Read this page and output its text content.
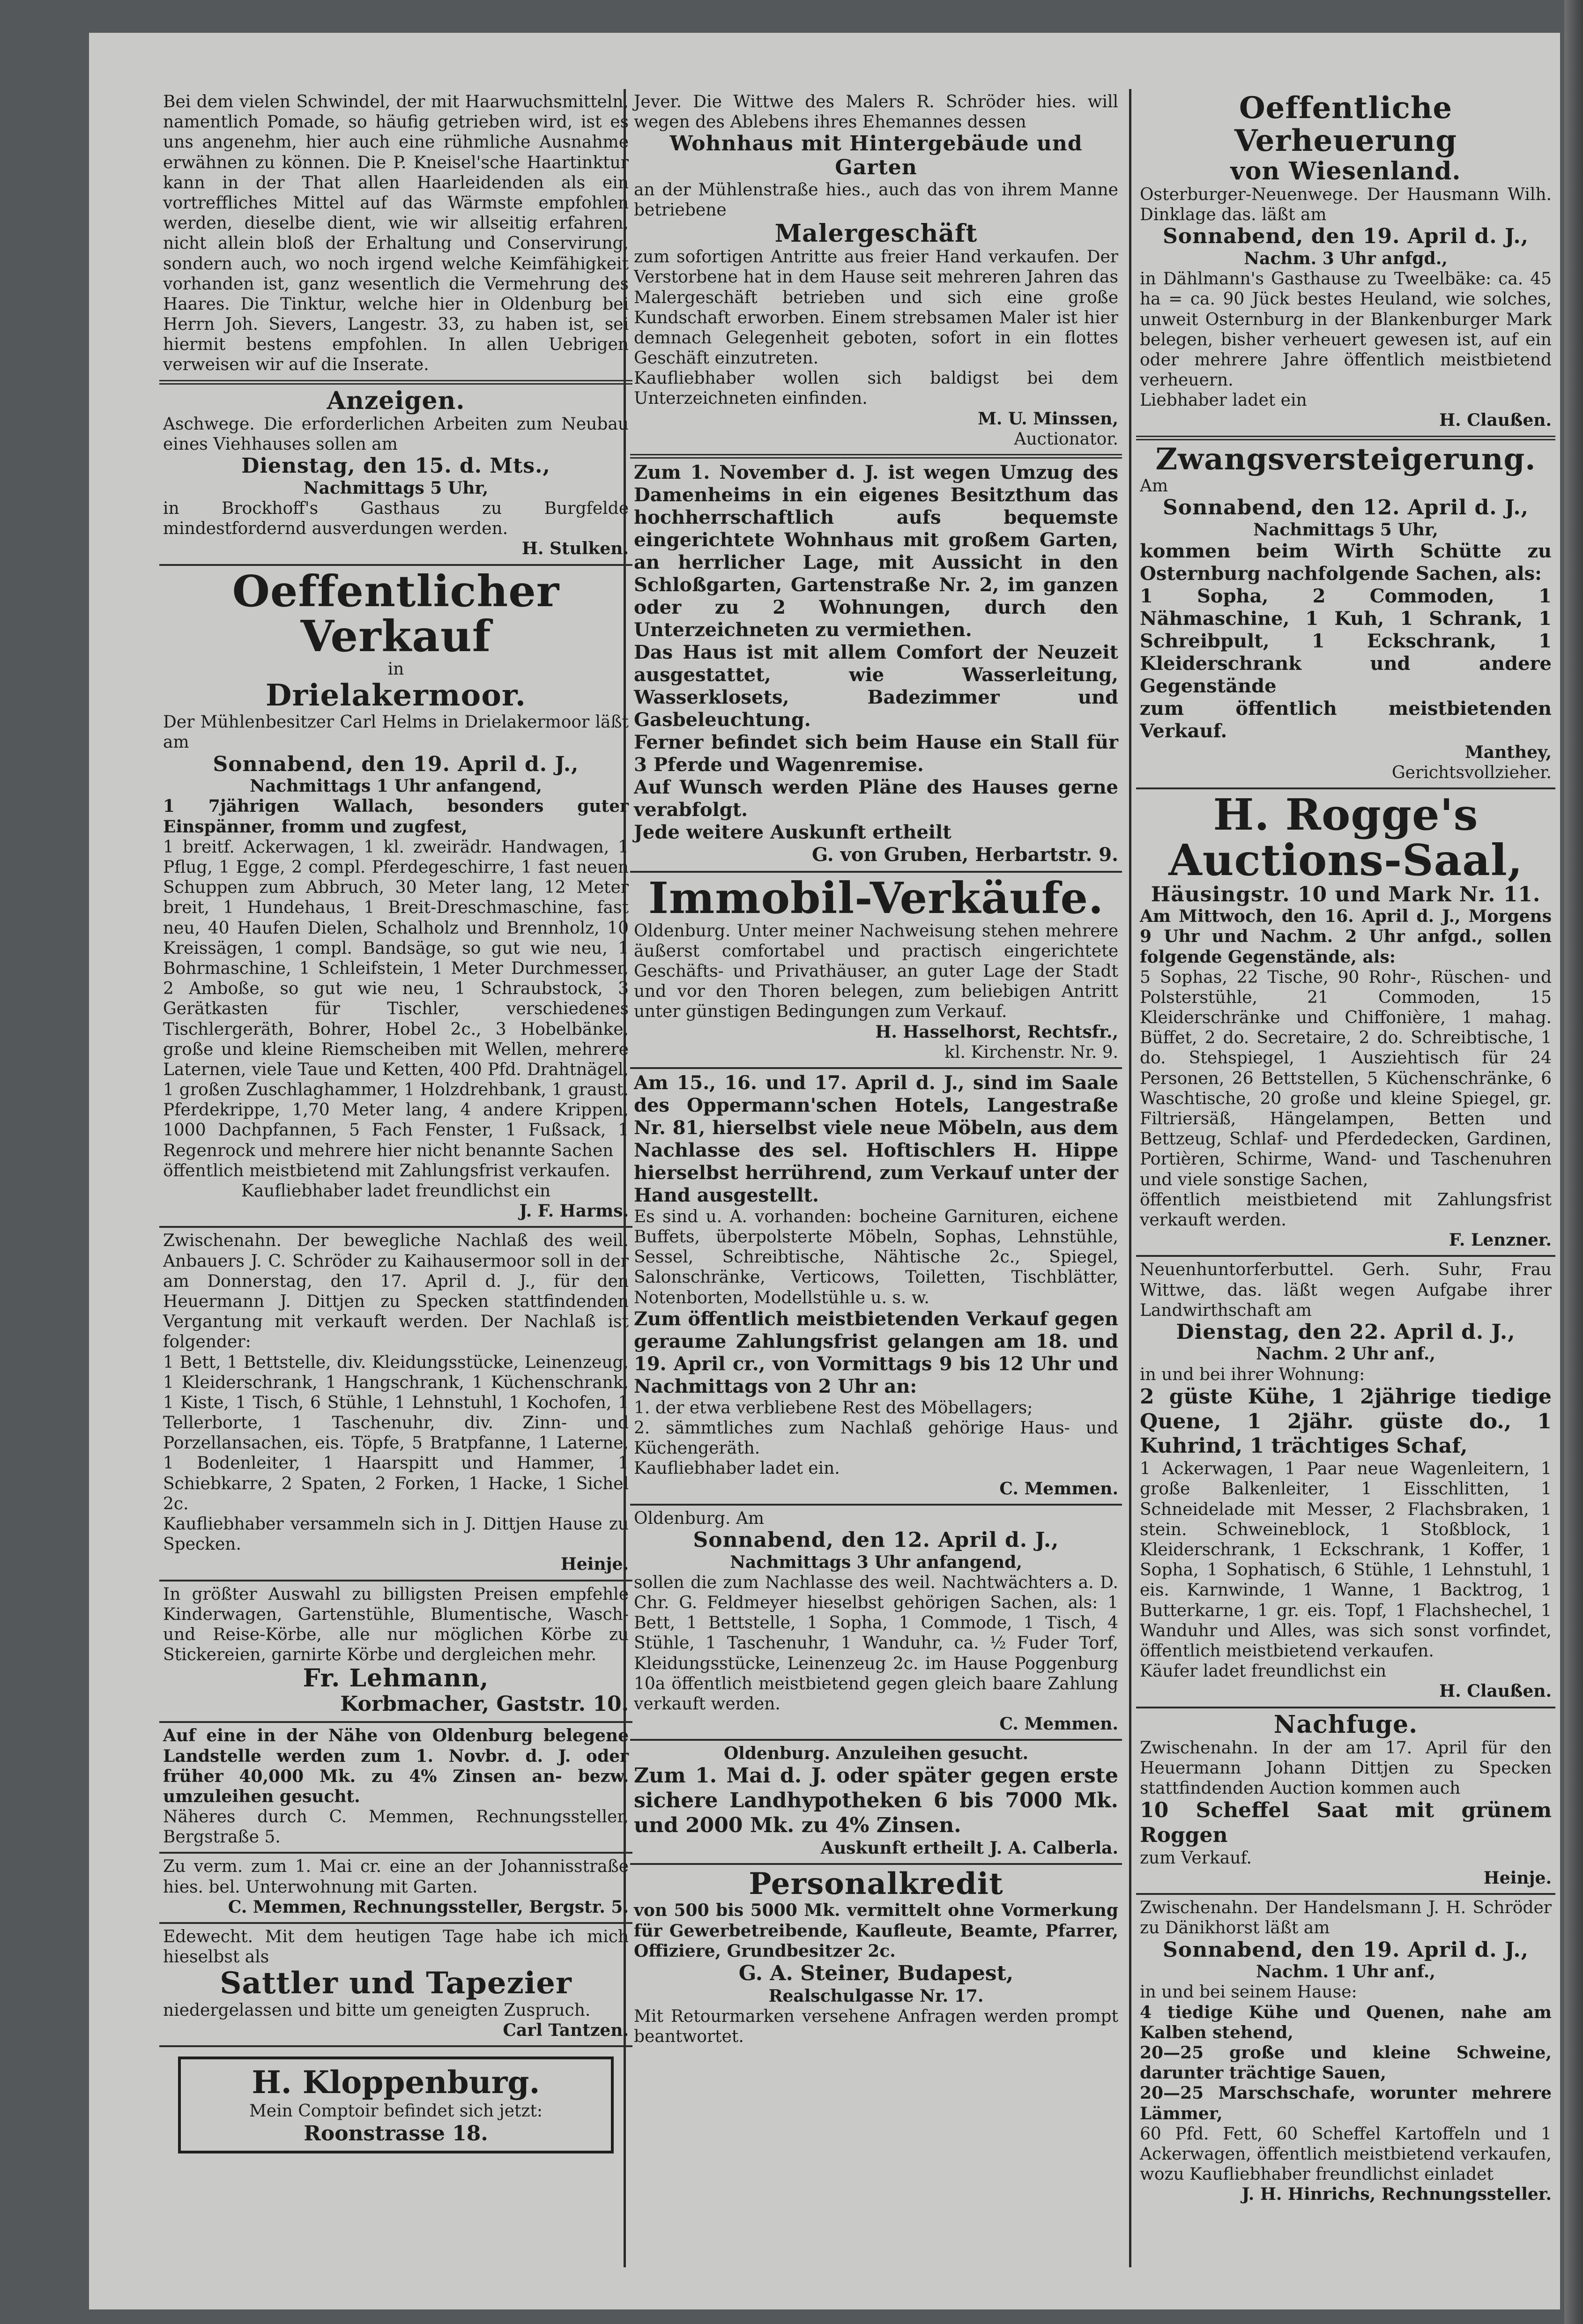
Bei dem vielen Schwindel, der mit Haarwuchsmitteln, namentlich Pomade, so häufig getrieben wird, ist es uns angenehm, hier auch eine rühmliche Ausnahme erwähnen zu können. Die P. Kneisel'sche Haartinktur kann in der That allen Haarleidenden als ein vortreffliches Mittel auf das Wärmste empfohlen werden, dieselbe dient, wie wir allseitig erfahren, nicht allein bloß der Erhaltung und Conservirung, sondern auch, wo noch irgend welche Keimfähigkeit vorhanden ist, ganz wesentlich die Vermehrung des Haares. Die Tinktur, welche hier in Oldenburg bei Herrn Joh. Sievers, Langestr. 33, zu haben ist, sei hiermit bestens empfohlen. In allen Uebrigen verweisen wir auf die Inserate.

Anzeigen.

Aschwege. Die erforderlichen Arbeiten zum Neubau eines Viehhauses sollen am

Dienstag, den 15. d. Mts.,
Nachmittags 5 Uhr,

in Brockhoff's Gasthaus zu Burgfelde mindestfordernd ausverdungen werden.

H. Stulken.
Oeffentlicher Verkauf
in
Drielakermoor.

Der Mühlenbesitzer Carl Helms in Drielakermoor läßt am

Sonnabend, den 19. April d. J.,
Nachmittags 1 Uhr anfangend,

1 7jährigen Wallach, besonders guter Einspänner, fromm und zugfest,

1 breitf. Ackerwagen, 1 kl. zweirädr. Handwagen, 1 Pflug, 1 Egge, 2 compl. Pferdegeschirre, 1 fast neuen Schuppen zum Abbruch, 30 Meter lang, 12 Meter breit, 1 Hundehaus, 1 Breit-Dreschmaschine, fast neu, 40 Haufen Dielen, Schalholz und Brennholz, 10 Kreissägen, 1 compl. Bandsäge, so gut wie neu, 1 Bohrmaschine, 1 Schleifstein, 1 Meter Durchmesser, 2 Amboße, so gut wie neu, 1 Schraubstock, 3 Gerätkasten für Tischler, verschiedenes Tischlergeräth, Bohrer, Hobel 2c., 3 Hobelbänke, große und kleine Riemscheiben mit Wellen, mehrere Laternen, viele Taue und Ketten, 400 Pfd. Drahtnägel, 1 großen Zuschlaghammer, 1 Holzdrehbank, 1 graust. Pferdekrippe, 1,70 Meter lang, 4 andere Krippen, 1000 Dachpfannen, 5 Fach Fenster, 1 Fußsack, 1 Regenrock und mehrere hier nicht benannte Sachen

öffentlich meistbietend mit Zahlungsfrist verkaufen.

Kaufliebhaber ladet freundlichst ein

J. F. Harms.

Zwischenahn. Der bewegliche Nachlaß des weil. Anbauers J. C. Schröder zu Kaihausermoor soll in der am Donnerstag, den 17. April d. J., für den Heuermann J. Dittjen zu Specken stattfindenden Vergantung mit verkauft werden. Der Nachlaß ist folgender:

1 Bett, 1 Bettstelle, div. Kleidungsstücke, Leinenzeug, 1 Kleiderschrank, 1 Hangschrank, 1 Küchenschrank, 1 Kiste, 1 Tisch, 6 Stühle, 1 Lehnstuhl, 1 Kochofen, 1 Tellerborte, 1 Taschenuhr, div. Zinn- und Porzellansachen, eis. Töpfe, 5 Bratpfanne, 1 Laterne, 1 Bodenleiter, 1 Haarspitt und Hammer, 1 Schiebkarre, 2 Spaten, 2 Forken, 1 Hacke, 1 Sichel 2c.

Kaufliebhaber versammeln sich in J. Dittjen Hause zu Specken.

Heinje.

In größter Auswahl zu billigsten Preisen empfehle Kinderwagen, Gartenstühle, Blumentische, Wasch- und Reise-Körbe, alle nur möglichen Körbe zu Stickereien, garnirte Körbe und dergleichen mehr.

Fr. Lehmann,
Korbmacher, Gaststr. 10.

Auf eine in der Nähe von Oldenburg belegene Landstelle werden zum 1. Novbr. d. J. oder früher 40,000 Mk. zu 4% Zinsen an- bezw. umzuleihen gesucht.

Näheres durch C. Memmen, Rechnungssteller, Bergstraße 5.

Zu verm. zum 1. Mai cr. eine an der Johannisstraße hies. bel. Unterwohnung mit Garten.

C. Memmen, Rechnungssteller, Bergstr. 5.

Edewecht. Mit dem heutigen Tage habe ich mich hieselbst als

Sattler und Tapezier

niedergelassen und bitte um geneigten Zuspruch.

Carl Tantzen.
H. Kloppenburg.
Mein Comptoir befindet sich jetzt:
Roonstrasse 18.

Jever. Die Wittwe des Malers R. Schröder hies. will wegen des Ablebens ihres Ehemannes dessen

Wohnhaus mit Hintergebäude und Garten

an der Mühlenstraße hies., auch das von ihrem Manne betriebene

Malergeschäft

zum sofortigen Antritte aus freier Hand verkaufen. Der Verstorbene hat in dem Hause seit mehreren Jahren das Malergeschäft betrieben und sich eine große Kundschaft erworben. Einem strebsamen Maler ist hier demnach Gelegenheit geboten, sofort in ein flottes Geschäft einzutreten.

Kaufliebhaber wollen sich baldigst bei dem Unterzeichneten einfinden.

M. U. Minssen,
Auctionator.

Zum 1. November d. J. ist wegen Umzug des Damenheims in ein eigenes Besitzthum das hochherrschaftlich aufs bequemste eingerichtete Wohnhaus mit großem Garten, an herrlicher Lage, mit Aussicht in den Schloßgarten, Gartenstraße Nr. 2, im ganzen oder zu 2 Wohnungen, durch den Unterzeichneten zu vermiethen.

Das Haus ist mit allem Comfort der Neuzeit ausgestattet, wie Wasserleitung, Wasserklosets, Badezimmer und Gasbeleuchtung.

Ferner befindet sich beim Hause ein Stall für 3 Pferde und Wagenremise.

Auf Wunsch werden Pläne des Hauses gerne verabfolgt.

Jede weitere Auskunft ertheilt

G. von Gruben, Herbartstr. 9.
Immobil-Verkäufe.

Oldenburg. Unter meiner Nachweisung stehen mehrere äußerst comfortabel und practisch eingerichtete Geschäfts- und Privathäuser, an guter Lage der Stadt und vor den Thoren belegen, zum beliebigen Antritt unter günstigen Bedingungen zum Verkauf.

H. Hasselhorst, Rechtsfr.,
kl. Kirchenstr. Nr. 9.

Am 15., 16. und 17. April d. J., sind im Saale des Oppermann'schen Hotels, Langestraße Nr. 81, hierselbst viele neue Möbeln, aus dem Nachlasse des sel. Hoftischlers H. Hippe hierselbst herrührend, zum Verkauf unter der Hand ausgestellt.

Es sind u. A. vorhanden: bocheine Garnituren, eichene Buffets, überpolsterte Möbeln, Sophas, Lehnstühle, Sessel, Schreibtische, Nähtische 2c., Spiegel, Salonschränke, Verticows, Toiletten, Tischblätter, Notenborten, Modellstühle u. s. w.

Zum öffentlich meistbietenden Verkauf gegen geraume Zahlungsfrist gelangen am 18. und 19. April cr., von Vormittags 9 bis 12 Uhr und Nachmittags von 2 Uhr an:

1. der etwa verbliebene Rest des Möbellagers;

2. sämmtliches zum Nachlaß gehörige Haus- und Küchengeräth.

Kaufliebhaber ladet ein.

C. Memmen.

Oldenburg. Am

Sonnabend, den 12. April d. J.,
Nachmittags 3 Uhr anfangend,

sollen die zum Nachlasse des weil. Nachtwächters a. D. Chr. G. Feldmeyer hieselbst gehörigen Sachen, als: 1 Bett, 1 Bettstelle, 1 Sopha, 1 Commode, 1 Tisch, 4 Stühle, 1 Taschenuhr, 1 Wanduhr, ca. ½ Fuder Torf, Kleidungsstücke, Leinenzeug 2c. im Hause Poggenburg 10a öffentlich meistbietend gegen gleich baare Zahlung verkauft werden.

C. Memmen.
Oldenburg. Anzuleihen gesucht.

Zum 1. Mai d. J. oder später gegen erste sichere Landhypotheken 6 bis 7000 Mk. und 2000 Mk. zu 4% Zinsen.

Auskunft ertheilt J. A. Calberla.
Personalkredit

von 500 bis 5000 Mk. vermittelt ohne Vormerkung für Gewerbetreibende, Kaufleute, Beamte, Pfarrer, Offiziere, Grundbesitzer 2c.

G. A. Steiner, Budapest,
Realschulgasse Nr. 17.

Mit Retourmarken versehene Anfragen werden prompt beantwortet.

Oeffentliche Verheuerung
von Wiesenland.

Osterburger-Neuenwege. Der Hausmann Wilh. Dinklage das. läßt am

Sonnabend, den 19. April d. J.,
Nachm. 3 Uhr anfgd.,

in Dählmann's Gasthause zu Tweelbäke: ca. 45 ha = ca. 90 Jück bestes Heuland, wie solches, unweit Osternburg in der Blankenburger Mark belegen, bisher verheuert gewesen ist, auf ein oder mehrere Jahre öffentlich meistbietend verheuern.

Liebhaber ladet ein

H. Claußen.
Zwangsversteigerung.

Am

Sonnabend, den 12. April d. J.,
Nachmittags 5 Uhr,

kommen beim Wirth Schütte zu Osternburg nachfolgende Sachen, als:

1 Sopha, 2 Commoden, 1 Nähmaschine, 1 Kuh, 1 Schrank, 1 Schreibpult, 1 Eckschrank, 1 Kleiderschrank und andere Gegenstände

zum öffentlich meistbietenden Verkauf.

Manthey,
Gerichtsvollzieher.
H. Rogge's
Auctions-Saal,
Häusingstr. 10 und Mark Nr. 11.

Am Mittwoch, den 16. April d. J., Morgens 9 Uhr und Nachm. 2 Uhr anfgd., sollen folgende Gegenstände, als:

5 Sophas, 22 Tische, 90 Rohr-, Rüschen- und Polsterstühle, 21 Commoden, 15 Kleiderschränke und Chiffonière, 1 mahag. Büffet, 2 do. Secretaire, 2 do. Schreibtische, 1 do. Stehspiegel, 1 Ausziehtisch für 24 Personen, 26 Bettstellen, 5 Küchenschränke, 6 Waschtische, 20 große und kleine Spiegel, gr. Filtriersäß, Hängelampen, Betten und Bettzeug, Schlaf- und Pferdedecken, Gardinen, Portièren, Schirme, Wand- und Taschenuhren und viele sonstige Sachen,

öffentlich meistbietend mit Zahlungsfrist verkauft werden.

F. Lenzner.

Neuenhuntorferbuttel. Gerh. Suhr, Frau Wittwe, das. läßt wegen Aufgabe ihrer Landwirthschaft am

Dienstag, den 22. April d. J.,
Nachm. 2 Uhr anf.,

in und bei ihrer Wohnung:

2 güste Kühe, 1 2jährige tiedige Quene, 1 2jähr. güste do., 1 Kuhrind, 1 trächtiges Schaf,

1 Ackerwagen, 1 Paar neue Wagenleitern, 1 große Balkenleiter, 1 Eisschlitten, 1 Schneidelade mit Messer, 2 Flachsbraken, 1 stein. Schweineblock, 1 Stoßblock, 1 Kleiderschrank, 1 Eckschrank, 1 Koffer, 1 Sopha, 1 Sophatisch, 6 Stühle, 1 Lehnstuhl, 1 eis. Karnwinde, 1 Wanne, 1 Backtrog, 1 Butterkarne, 1 gr. eis. Topf, 1 Flachshechel, 1 Wanduhr und Alles, was sich sonst vorfindet, öffentlich meistbietend verkaufen.

Käufer ladet freundlichst ein

H. Claußen.
Nachfuge.

Zwischenahn. In der am 17. April für den Heuermann Johann Dittjen zu Specken stattfindenden Auction kommen auch

10 Scheffel Saat mit grünem Roggen

zum Verkauf.

Heinje.

Zwischenahn. Der Handelsmann J. H. Schröder zu Dänikhorst läßt am

Sonnabend, den 19. April d. J.,
Nachm. 1 Uhr anf.,

in und bei seinem Hause:

4 tiedige Kühe und Quenen, nahe am Kalben stehend,

20—25 große und kleine Schweine, darunter trächtige Sauen,

20—25 Marschschafe, worunter mehrere Lämmer,

60 Pfd. Fett, 60 Scheffel Kartoffeln und 1 Ackerwagen, öffentlich meistbietend verkaufen, wozu Kaufliebhaber freundlichst einladet

J. H. Hinrichs, Rechnungssteller.
